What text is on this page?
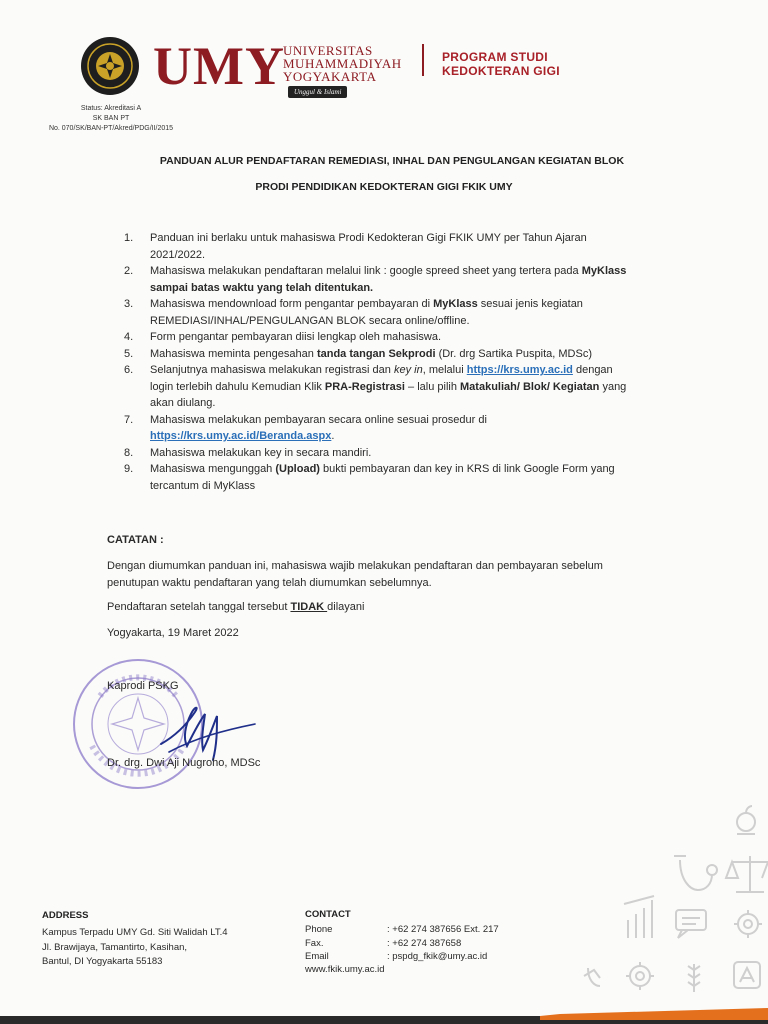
UMY
UNIVERSITAS
MUHAMMADIYAH
YOGYAKARTA
Unggul & Islami
PROGRAM STUDI
KEDOKTERAN GIGI
Status: Akreditasi A
SK BAN PT
No. 070/SK/BAN-PT/Akred/PDG/II/2015
PANDUAN ALUR PENDAFTARAN REMEDIASI, INHAL DAN PENGULANGAN KEGIATAN BLOK
PRODI PENDIDIKAN KEDOKTERAN GIGI FKIK UMY
1. Panduan ini berlaku untuk mahasiswa Prodi Kedokteran Gigi FKIK UMY per Tahun Ajaran 2021/2022.
2. Mahasiswa melakukan pendaftaran melalui link : google spreed sheet yang tertera pada MyKlass sampai batas waktu yang telah ditentukan.
3. Mahasiswa mendownload form pengantar pembayaran di MyKlass sesuai jenis kegiatan REMEDIASI/INHAL/PENGULANGAN BLOK secara online/offline.
4. Form pengantar pembayaran diisi lengkap oleh mahasiswa.
5. Mahasiswa meminta pengesahan tanda tangan Sekprodi (Dr. drg Sartika Puspita, MDSc)
6. Selanjutnya mahasiswa melakukan registrasi dan key in, melalui https://krs.umy.ac.id dengan login terlebih dahulu Kemudian Klik PRA-Registrasi – lalu pilih Matakuliah/ Blok/ Kegiatan yang akan diulang.
7. Mahasiswa melakukan pembayaran secara online sesuai prosedur di https://krs.umy.ac.id/Beranda.aspx.
8. Mahasiswa melakukan key in secara mandiri.
9. Mahasiswa mengunggah (Upload) bukti pembayaran dan key in KRS di link Google Form yang tercantum di MyKlass
CATATAN :
Dengan diumumkan panduan ini, mahasiswa wajib melakukan pendaftaran dan pembayaran sebelum penutupan waktu pendaftaran yang telah diumumkan sebelumnya.
Pendaftaran setelah tanggal tersebut TIDAK dilayani
Yogyakarta, 19 Maret 2022
Kaprodi PSKG
Dr. drg. Dwi Aji Nugroho, MDSc
ADDRESS
Kampus Terpadu UMY Gd. Siti Walidah LT.4
Jl. Brawijaya, Tamantirto, Kasihan,
Bantul, DI Yogyakarta 55183
CONTACT
Phone	: +62 274 387656 Ext. 217
Fax.	: +62 274 387658
Email	: pspdg_fkik@umy.ac.id
www.fkik.umy.ac.id
